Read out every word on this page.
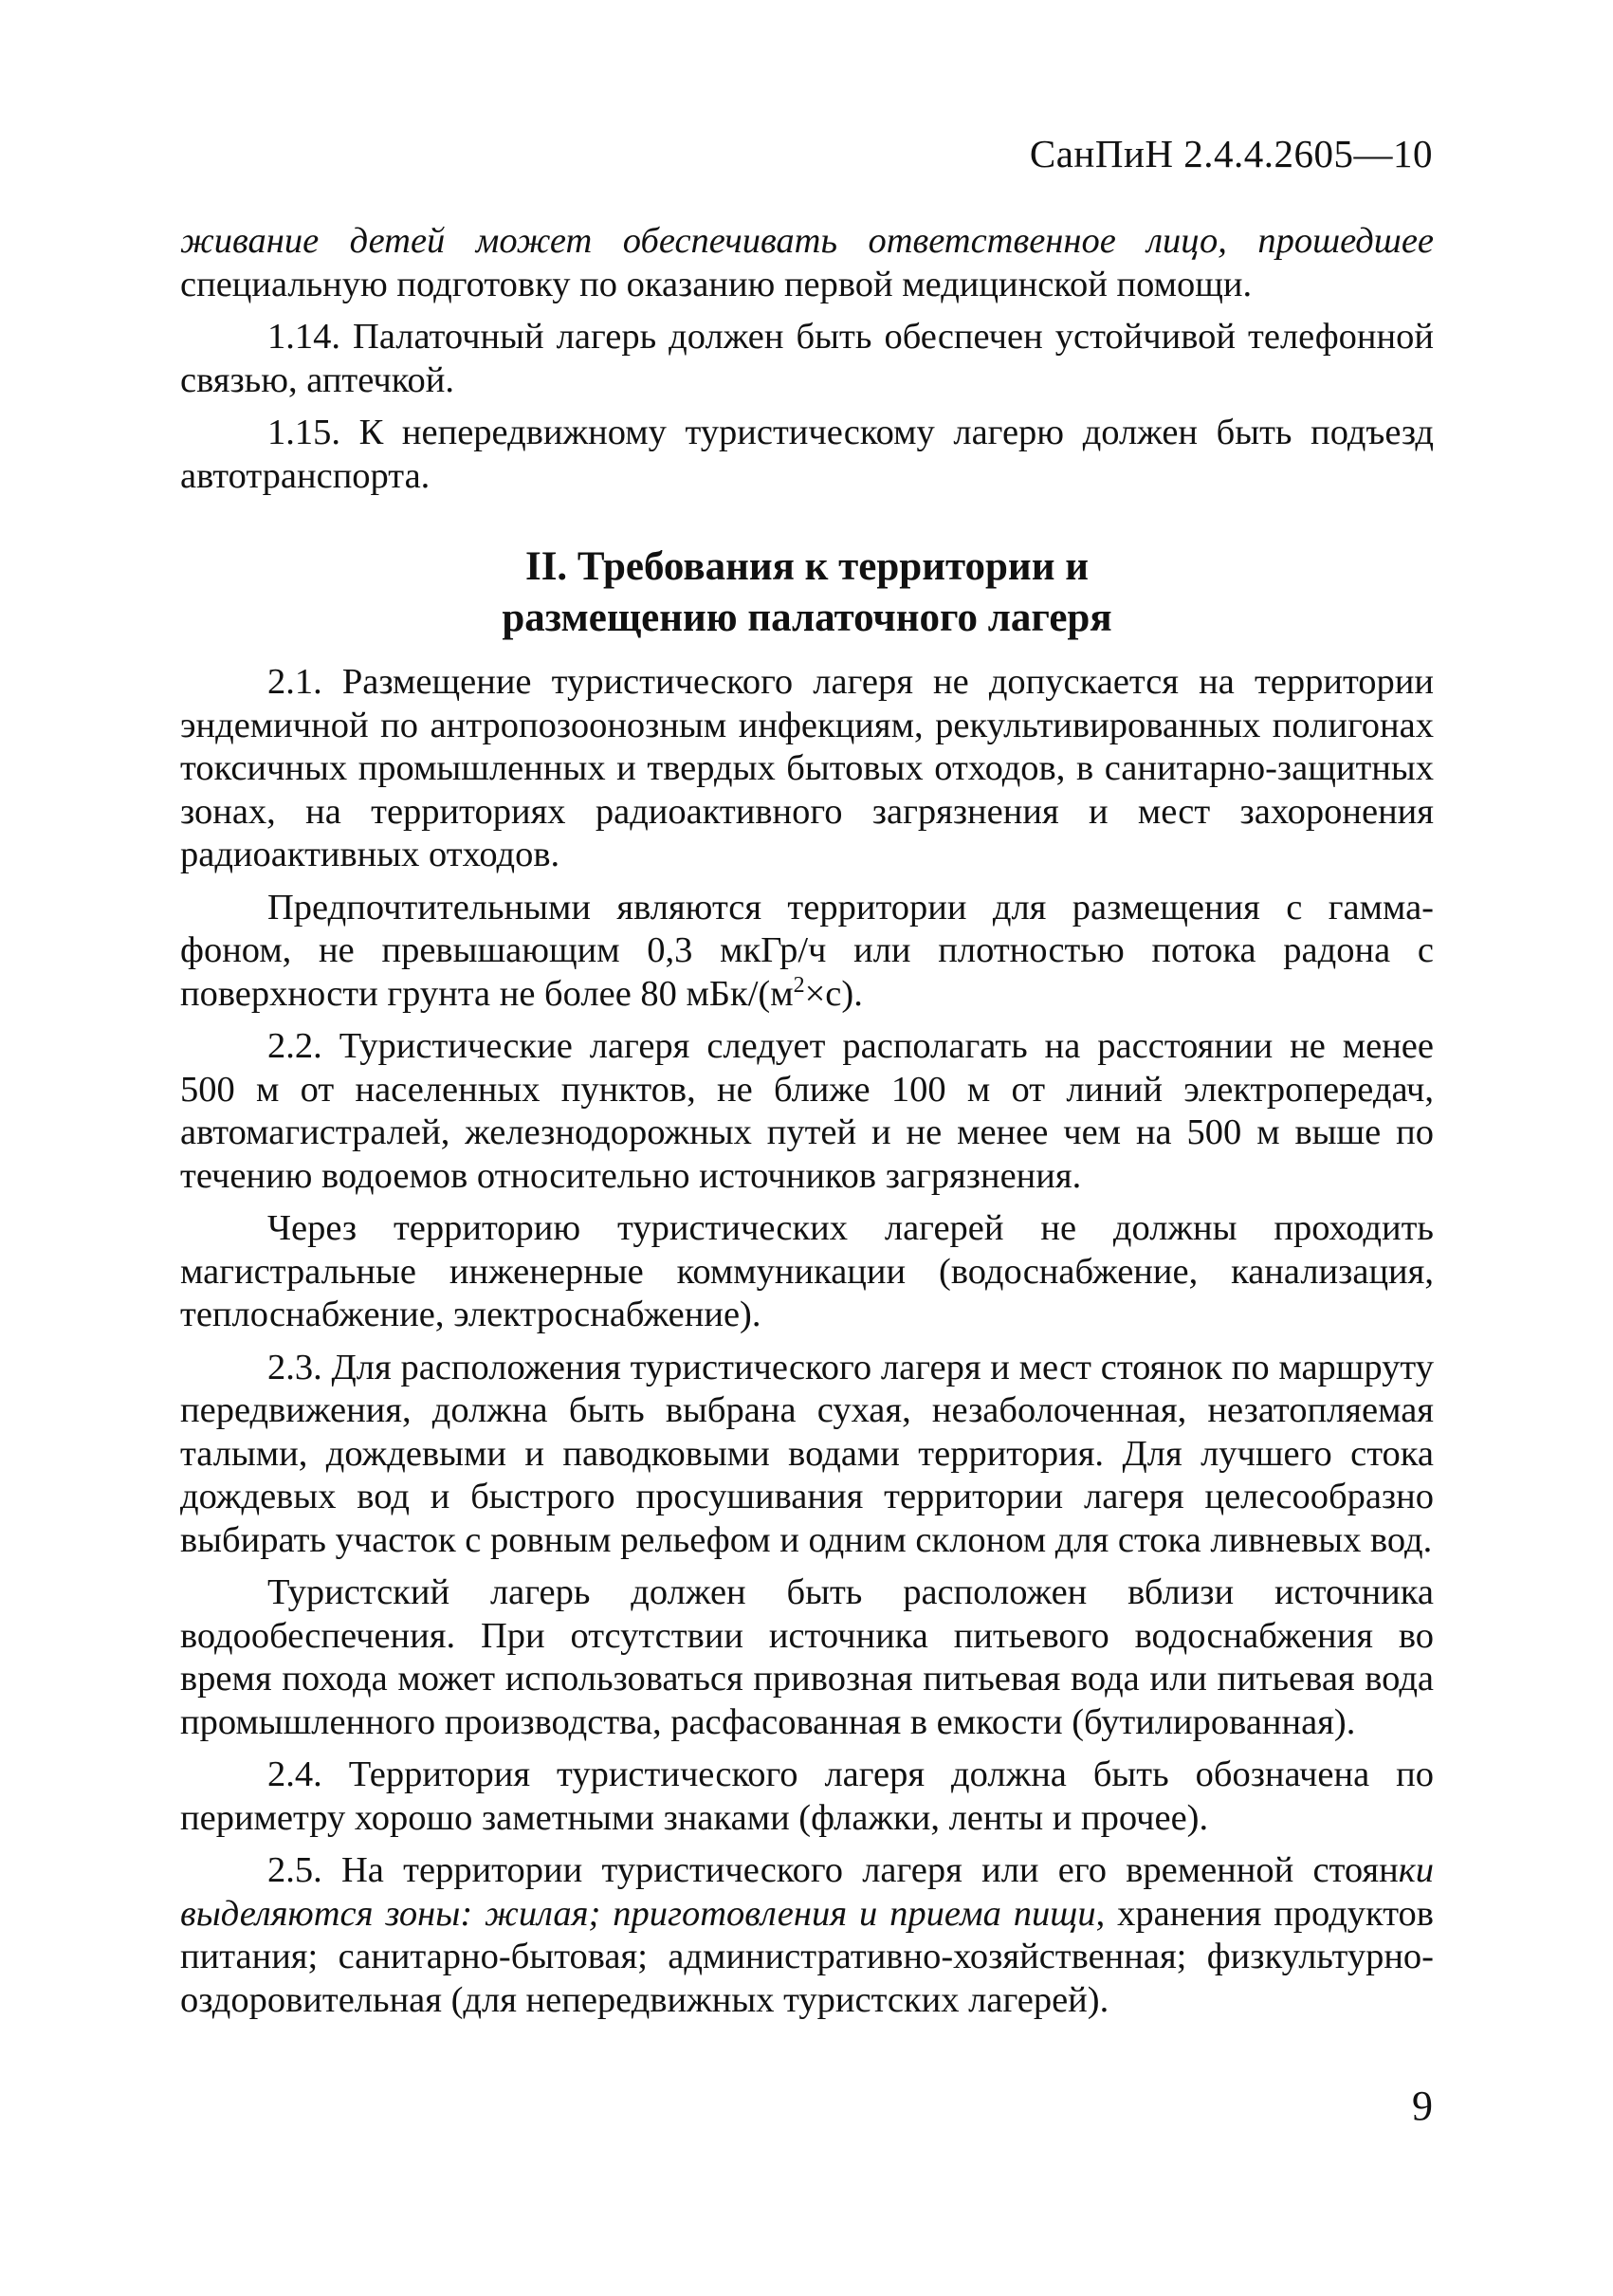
СанПиН 2.4.4.2605—10

живание детей может обеспечивать ответственное лицо, прошедшее специальную подготовку по оказанию первой медицинской помощи.

1.14. Палаточный лагерь должен быть обеспечен устойчивой телефонной связью, аптечкой.

1.15. К непередвижному туристическому лагерю должен быть подъезд автотранспорта.

II. Требования к территории и
размещению палаточного лагеря

2.1. Размещение туристического лагеря не допускается на территории эндемичной по антропозоонозным инфекциям, рекультивированных полигонах токсичных промышленных и твердых бытовых отходов, в санитарно-защитных зонах, на территориях радиоактивного загрязнения и мест захоронения радиоактивных отходов.

Предпочтительными являются территории для размещения с гамма-фоном, не превышающим 0,3 мкГр/ч или плотностью потока радона с поверхности грунта не более 80 мБк/$(м^2\times с)$.

2.2. Туристические лагеря следует располагать на расстоянии не менее 500 м от населенных пунктов, не ближе 100 м от линий электропередач, автомагистралей, железнодорожных путей и не менее чем на 500 м выше по течению водоемов относительно источников загрязнения.

Через территорию туристических лагерей не должны проходить магистральные инженерные коммуникации (водоснабжение, канализация, теплоснабжение, электроснабжение).

2.3. Для расположения туристического лагеря и мест стоянок по маршруту передвижения, должна быть выбрана сухая, незаболоченная, незатопляемая талыми, дождевыми и паводковыми водами территория. Для лучшего стока дождевых вод и быстрого просушивания территории лагеря целесообразно выбирать участок с ровным рельефом и одним склоном для стока ливневых вод.

Туристский лагерь должен быть расположен вблизи источника водообеспечения. При отсутствии источника питьевого водоснабжения во время похода может использоваться привозная питьевая вода или питьевая вода промышленного производства, расфасованная в емкости (бутилированная).

2.4. Территория туристического лагеря должна быть обозначена по периметру хорошо заметными знаками (флажки, ленты и прочее).

2.5. На территории туристического лагеря или его временной стоянки выделяются зоны: жилая; приготовления и приема пищи, хранения продуктов питания; санитарно-бытовая; административно-хозяйственная; физкультурно-оздоровительная (для непередвижных туристских лагерей).

9
